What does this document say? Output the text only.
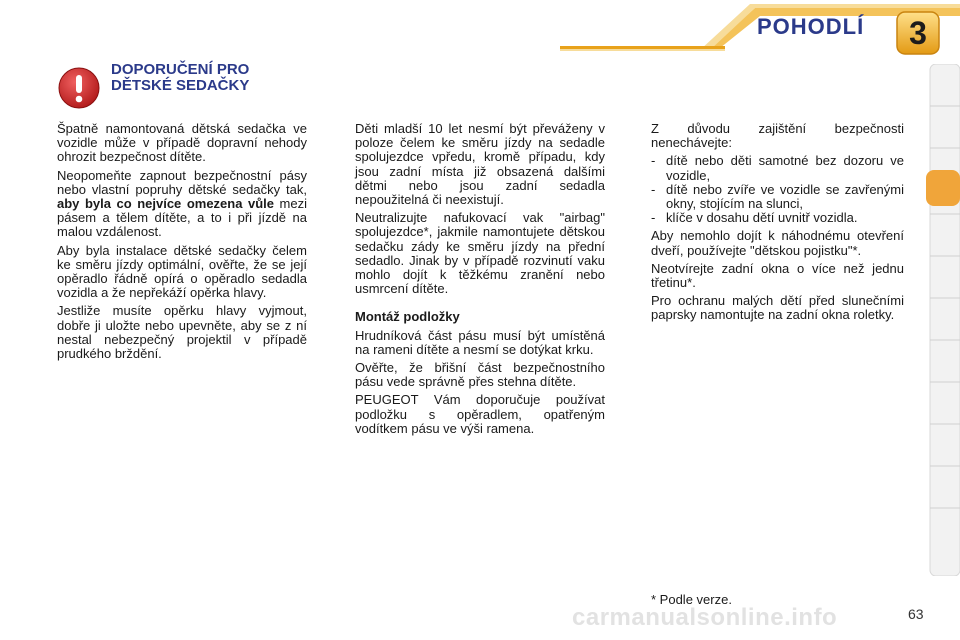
POHODLÍ	3
DOPORUČENÍ PRO
DĚTSKÉ SEDAČKY

Špatně namontovaná dětská sedačka ve vozidle může v případě dopravní nehody ohrozit bezpečnost dítěte.

Neopomeňte zapnout bezpečnostní pásy nebo vlastní popruhy dětské sedačky tak, aby byla co nejvíce omezena vůle mezi pásem a tělem dítěte, a to i při jízdě na malou vzdálenost.

Aby byla instalace dětské sedačky čelem ke směru jízdy optimální, ověřte, že se její opěradlo řádně opírá o opěradlo sedadla vozidla a že nepřekáží opěrka hlavy.

Jestliže musíte opěrku hlavy vyjmout, dobře ji uložte nebo upevněte, aby se z ní nestal nebezpečný projektil v případě prudkého brždění.

Děti mladší 10 let nesmí být převáženy v poloze čelem ke směru jízdy na sedadle spolujezdce vpředu, kromě případu, kdy jsou zadní místa již obsazená dalšími dětmi nebo jsou zadní sedadla nepoužitelná či neexistují.

Neutralizujte nafukovací vak "airbag" spolujezdce*, jakmile namontujete dětskou sedačku zády ke směru jízdy na přední sedadlo. Jinak by v případě rozvinutí vaku mohlo dojít k těžkému zranění nebo usmrcení dítěte.

Montáž podložky

Hrudníková část pásu musí být umístěná na rameni dítěte a nesmí se dotýkat krku.

Ověřte, že břišní část bezpečnostního pásu vede správně přes stehna dítěte.

PEUGEOT Vám doporučuje používat podložku s opěradlem, opatřeným vodítkem pásu ve výši ramena.

Z důvodu zajištění bezpečnosti nenechávejte:

- dítě nebo děti samotné bez dozoru ve vozidle,
- dítě nebo zvíře ve vozidle se zavřenými okny, stojícím na slunci,
- klíče v dosahu dětí uvnitř vozidla.

Aby nemohlo dojít k náhodnému otevření dveří, používejte "dětskou pojistku"*.

Neotvírejte zadní okna o více než jednu třetinu*.

Pro ochranu malých dětí před slunečními paprsky namontujte na zadní okna roletky.

* Podle verze.
carmanualsonline.info	63
